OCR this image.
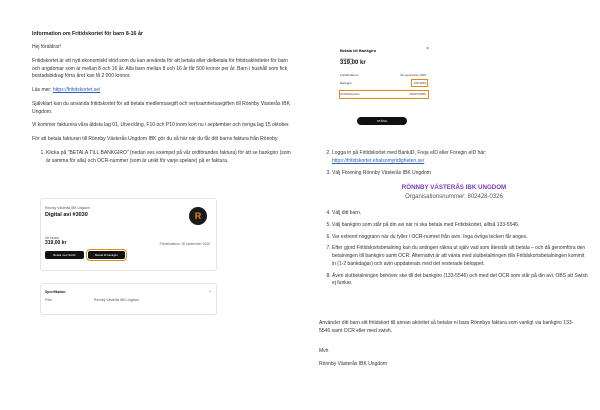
Information om Fritidskortet för barn 8-16 år

Hej föräldrar!

Fritidskortet är ett nytt ekonomiskt stöd som du kan använda för att betala eller delbetala för fritidsaktiviteter för barn och ungdomar som är mellan 8 och 16 år. Alla barn mellan 8 och 16 år får 500 kronor per år. Barn i hushåll som fick bostadsbidrag förra året kan få 2 000 kronor.

Läs mer: https://fritidskortet.se/

Självklart kan du använda fritidskortet för att betala medlemsavgift och verksamhetsavgiften till Rönnby Västerås IBK Ungdom.

Vi kommer fakturera våra äldsta lag 01, Utveckling, F10 och P10 inom kort nu i september och övriga lag 15 oktober.

För att betala fakturan till Rönnby Västerås Ungdom IBK gör du så här när du får ditt barns faktura från Rönnby.

1. Klicka på "BETALA TILL BANKGIRO" (nedan ses exempel på vår ordförandes faktura) för att se bankgiro (som är samma för alla) och OCR-nummer (som är unikt för varje spelare) på er faktura.
Rönnby Västerås IBK Ungdom
Digital avi #3030	R
Att betala
319,00 kr	Förfallodatum: 30 september 2026
Betala med Swish	Betala till bankgiro
Specifikation	^
Från	Rönnby Västerås IBK Ungdom
Betala till Bankgiro	×
Att betala
319,00 kr
Förfallodatum	30 september 2026
Bankgiro	133-5546
OCR/Referens	2303373965
STÄNG
2. Logga in på Fritidskortet med BankID, Freja eID eller Foregin eID här:
https://fritidskortet.ehalsomyndigheten.se/
3. Välj Förening Rönnby Västerås IBK Ungdom
RÖNNBY VÄSTERÅS IBK UNGDOM
Organisationsnummer: 802428-0326
4. Välj ditt barn.
5. Välj bankgiro som står på din avi när ni ska betala med Fritidskortet, alltså 133-5546.
6. Var extremt noggrann när du fyller i OCR-numret från avin. Inga övriga tecken får anges.
7. Efter gjord Fritidskortsbetalning kan du antingen räkna ut själv vad som återstår att betala – och då genomföra den betalningen till bankgiro samt OCR. Alternativt är att vänta med slutbetalningen tills Fritidskortsbetalningen kommit in (1-2 bankdagar) och avin uppdaterats med det resterade beloppet.
8. Även slutbetalningen behöver ske till det bankgiro (133-5546) och med det OCR som står på din avi. OBS att Swish ej funkar.

Använder ditt barn sitt fritidskort till annan aktivitet så betalar ni bara Rönnbys faktura som vanligt via bankgiro 133-5546 samt OCR eller med swish.

Mvh

Rönnby Västerås IBK Ungdom
